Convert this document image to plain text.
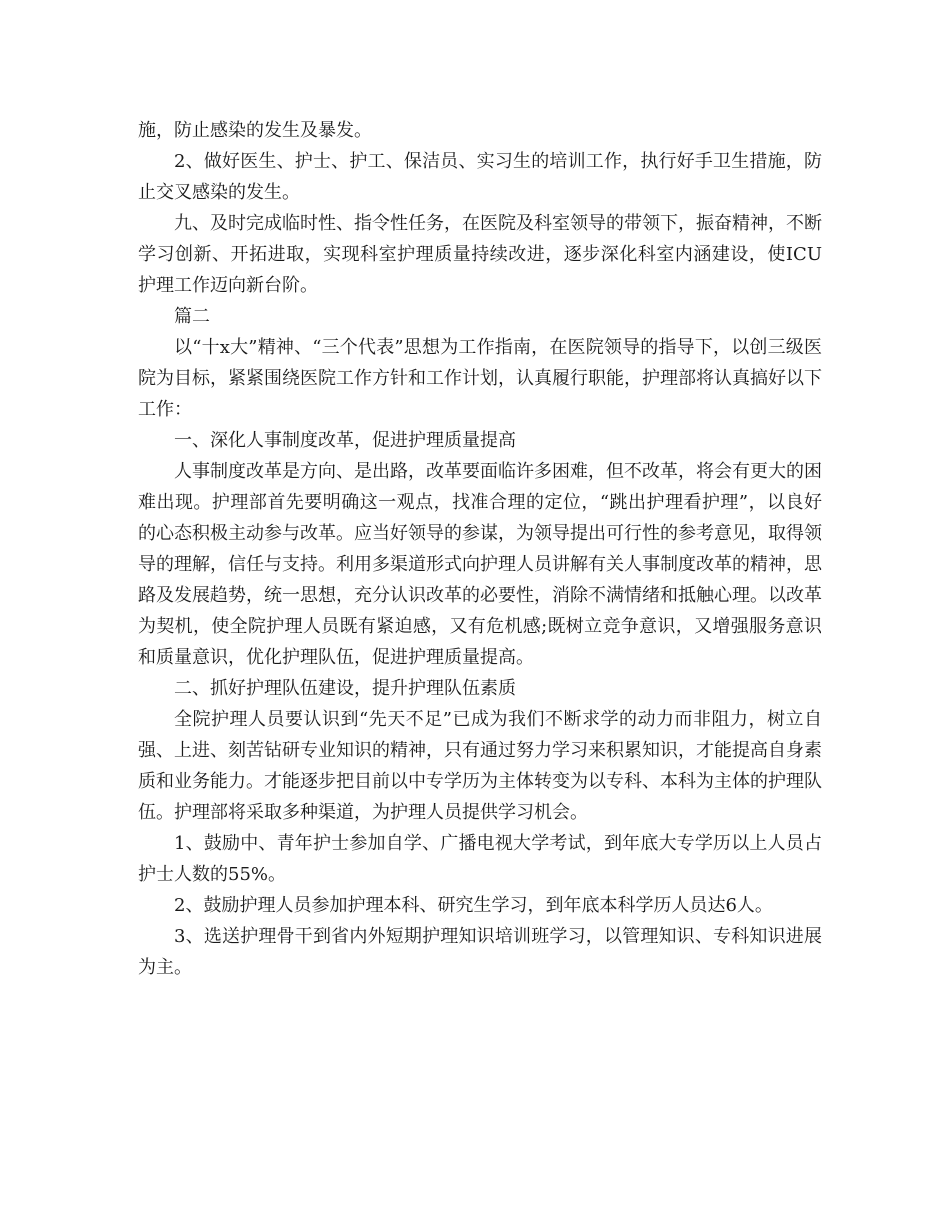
施，防止感染的发生及暴发。

2、做好医生、护士、护工、保洁员、实习生的培训工作，执行好手卫生措施，防止交叉感染的发生。

九、及时完成临时性、指令性任务，在医院及科室领导的带领下，振奋精神，不断学习创新、开拓进取，实现科室护理质量持续改进，逐步深化科室内涵建设，使ICU护理工作迈向新台阶。

篇二

以“十x大”精神、“三个代表”思想为工作指南，在医院领导的指导下，以创三级医院为目标，紧紧围绕医院工作方针和工作计划，认真履行职能，护理部将认真搞好以下工作：

一、深化人事制度改革，促进护理质量提高

人事制度改革是方向、是出路，改革要面临许多困难，但不改革，将会有更大的困难出现。护理部首先要明确这一观点，找准合理的定位，“跳出护理看护理”，以良好的心态积极主动参与改革。应当好领导的参谋，为领导提出可行性的参考意见，取得领导的理解，信任与支持。利用多渠道形式向护理人员讲解有关人事制度改革的精神，思路及发展趋势，统一思想，充分认识改革的必要性，消除不满情绪和抵触心理。以改革为契机，使全院护理人员既有紧迫感，又有危机感;既树立竞争意识，又增强服务意识和质量意识，优化护理队伍，促进护理质量提高。

二、抓好护理队伍建设，提升护理队伍素质

全院护理人员要认识到“先天不足”已成为我们不断求学的动力而非阻力，树立自强、上进、刻苦钻研专业知识的精神，只有通过努力学习来积累知识，才能提高自身素质和业务能力。才能逐步把目前以中专学历为主体转变为以专科、本科为主体的护理队伍。护理部将采取多种渠道，为护理人员提供学习机会。

1、鼓励中、青年护士参加自学、广播电视大学考试，到年底大专学历以上人员占护士人数的55%。

2、鼓励护理人员参加护理本科、研究生学习，到年底本科学历人员达6人。

3、选送护理骨干到省内外短期护理知识培训班学习，以管理知识、专科知识进展为主。
